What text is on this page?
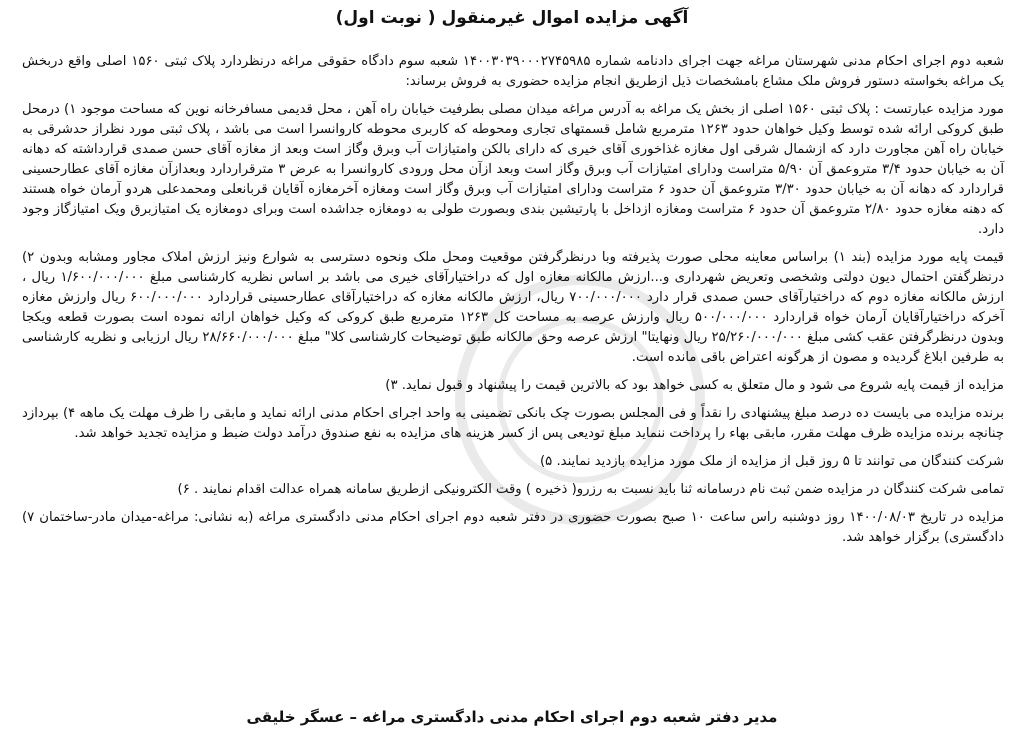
آگهی مزایده اموال غیرمنقول ( نوبت اول)

شعبه دوم اجرای احکام مدنی شهرستان مراغه جهت اجرای دادنامه شماره ۱۴۰۰۳۰۳۹۰۰۰۲۷۴۵۹۸۵ شعبه سوم دادگاه حقوقی مراغه درنظردارد پلاک ثبتی ۱۵۶۰ اصلی واقع دربخش یک مراغه بخواسته دستور فروش ملک مشاع بامشخصات ذیل ازطریق انجام مزایده حضوری به فروش برساند:

مورد مزایده عبارتست : پلاک ثبتی ۱۵۶۰ اصلی از بخش یک مراغه به آدرس مراغه میدان مصلی بطرفیت خیابان راه آهن ، محل قدیمی مسافرخانه نوین که مساحت موجود ۱) درمحل طبق کروکی ارائه شده توسط وکیل خواهان حدود ۱۲۶۳ مترمربع شامل قسمتهای تجاری ومحوطه که کاربری محوطه کاروانسرا است می باشد ، پلاک ثبتی مورد نظراز حدشرقی به خیابان راه آهن مجاورت دارد که ازشمال شرقی اول مغازه غذاخوری آقای خیری که دارای بالکن وامتیازات آب وبرق وگاز است وبعد از مغازه آقای حسن صمدی قرارداشته که دهانه آن به خیابان حدود ۳/۴ متروعمق آن ۵/۹۰ متراست ودارای امتیازات آب وبرق وگاز است وبعد ازآن محل ورودی کاروانسرا به عرض ۳ مترقراردارد وبعدازآن مغازه آقای عطارحسینی قراردارد که دهانه آن به خیابان حدود ۳/۳۰ متروعمق آن حدود ۶ متراست ودارای امتیازات آب وبرق وگاز است ومغازه آخرمغازه آقایان قربانعلی ومحمدعلی هردو آرمان خواه هستند که دهنه مغازه حدود ۲/۸۰ متروعمق آن حدود ۶ متراست ومغازه ازداخل با پارتیشین بندی وبصورت طولی به دومغازه جداشده است وبرای دومغازه یک امتیازبرق ویک امتیازگاز وجود دارد.

قیمت پایه مورد مزایده (بند ۱) براساس معاینه محلی صورت پذیرفته وبا درنظرگرفتن موقعیت ومحل ملک ونحوه دسترسی به شوارع ونیز ارزش املاک مجاور ومشابه وبدون ۲) درنظرگفتن احتمال دیون دولتی وشخصی وتعریض شهرداری و...ارزش مالکانه مغازه اول که دراختیارآقای خیری می باشد بر اساس نظریه کارشناسی مبلغ ۱/۶۰۰/۰۰۰/۰۰۰ ریال ، ارزش مالکانه مغازه دوم که دراختیارآقای حسن صمدی قرار دارد ۷۰۰/۰۰۰/۰۰۰ ریال، ارزش مالکانه مغازه که دراختیارآقای عطارحسینی قراردارد ۶۰۰/۰۰۰/۰۰۰ ریال وارزش مغازه آخرکه دراختیارآقایان آرمان خواه قراردارد ۵۰۰/۰۰۰/۰۰۰ ریال وارزش عرصه به مساحت کل ۱۲۶۳ مترمربع طبق کروکی که وکیل خواهان ارائه نموده است بصورت قطعه ویکجا وبدون درنظرگرفتن عقب کشی مبلغ ۲۵/۲۶۰/۰۰۰/۰۰۰ ریال ونهایتا" ارزش عرصه وحق مالکانه طبق توضیحات کارشناسی کلا" مبلغ ۲۸/۶۶۰/۰۰۰/۰۰۰ ریال ارزیابی و نظریه کارشناسی به طرفین ابلاغ گردیده و مصون از هرگونه اعتراض باقی مانده است.

مزایده از قیمت پایه شروع می شود و مال متعلق به کسی خواهد بود که بالاترین قیمت را پیشنهاد و قبول نماید. ۳)

برنده مزایده می بایست ده درصد مبلغ پیشنهادی را نقداً و فی المجلس بصورت چک بانکی تضمینی به واحد اجرای احکام مدنی ارائه نماید و مابقی را ظرف مهلت یک ماهه ۴) بپردازد چنانچه برنده مزایده ظرف مهلت مقرر، مابقی بهاء را پرداخت ننماید مبلغ تودیعی پس از کسر هزینه های مزایده به نفع صندوق درآمد دولت ضبط و مزایده تجدید خواهد شد.

شرکت کنندگان می توانند تا ۵ روز قبل از مزایده از ملک مورد مزایده بازدید نمایند. ۵)

تمامی شرکت کنندگان در مزایده ضمن ثبت نام درسامانه ثنا باید نسبت به رزرو( ذخیره ) وقت الکترونیکی ازطریق سامانه همراه عدالت اقدام نمایند . ۶)

مزایده در تاریخ ۱۴۰۰/۰۸/۰۳ روز دوشنبه راس ساعت ۱۰ صبح بصورت حضوری در دفتر شعبه دوم اجرای احکام مدنی دادگستری مراغه (به نشانی: مراغه-میدان مادر-ساختمان ۷) دادگستری) برگزار خواهد شد.

مدیر دفتر شعبه دوم اجرای احکام مدنی دادگستری مراغه – عسگر خلیقی
